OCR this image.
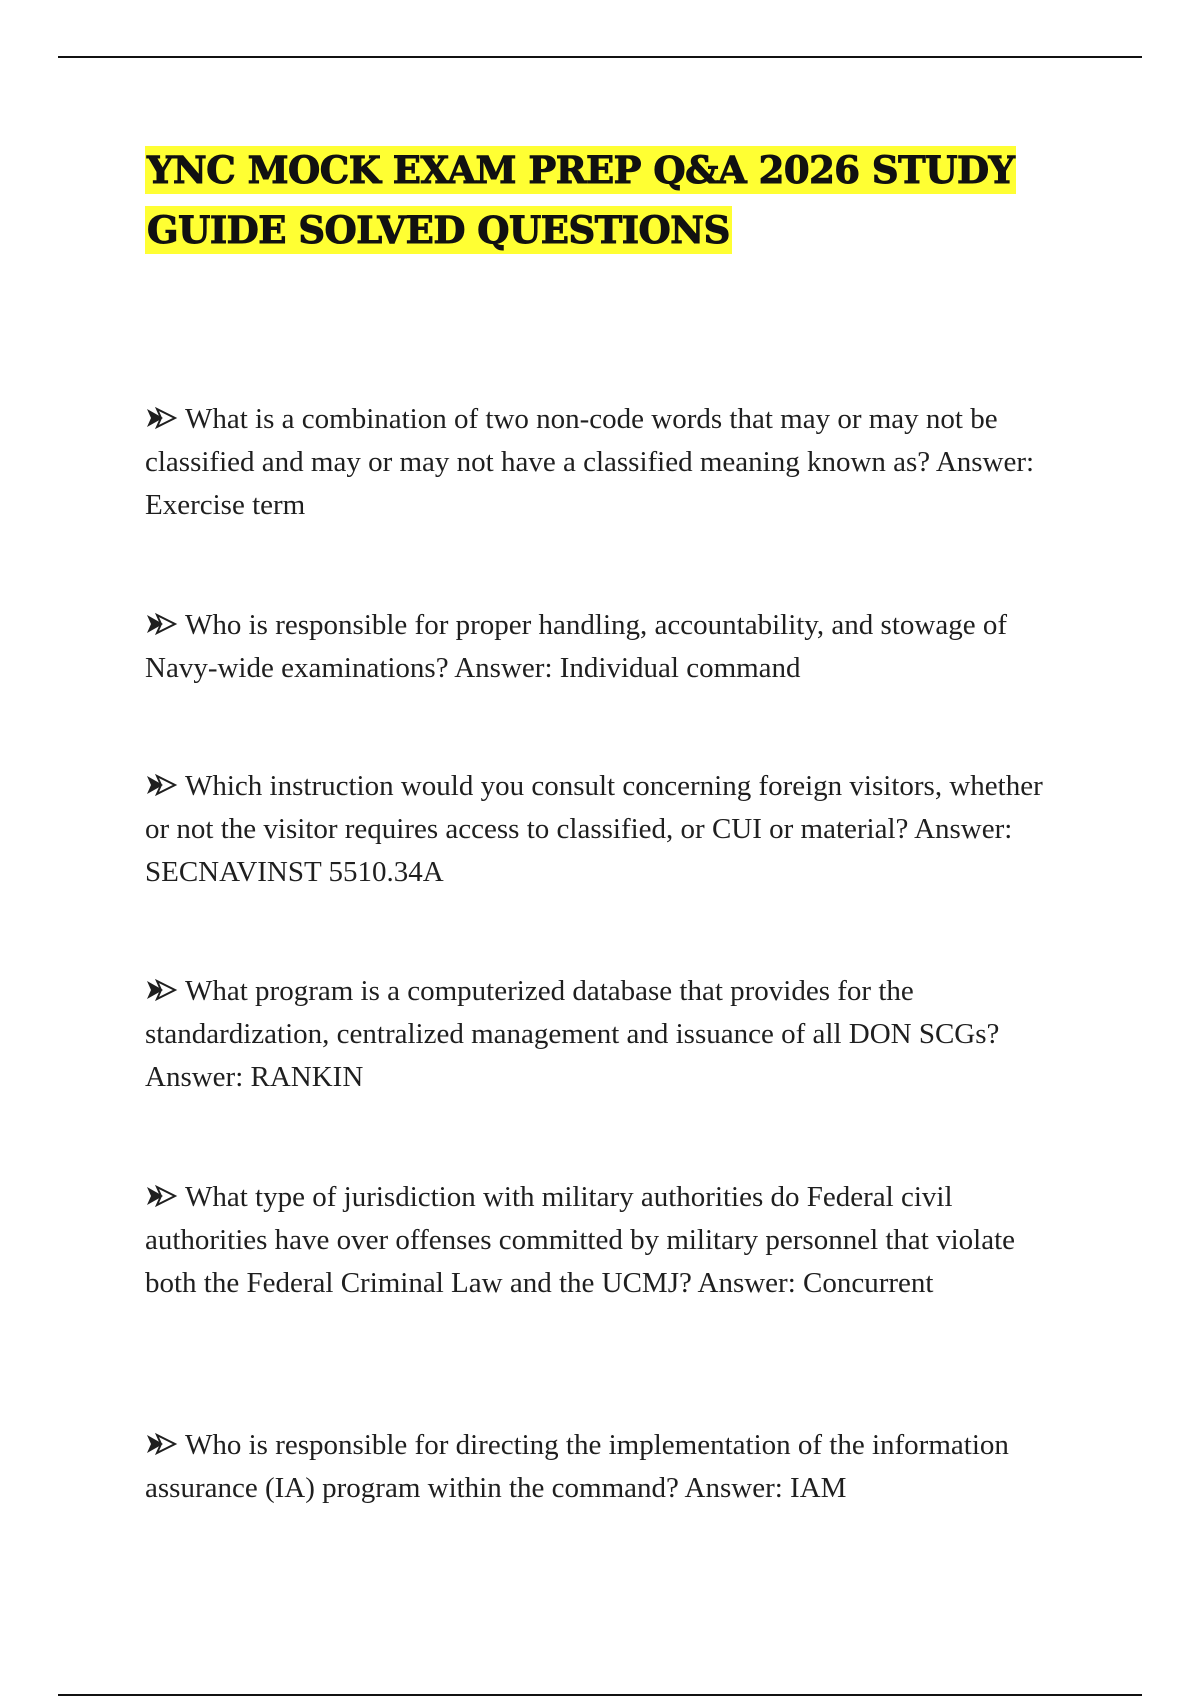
YNC MOCK EXAM PREP Q&A 2026 STUDY
GUIDE SOLVED QUESTIONS
What is a combination of two non-code words that may or may not be classified and may or may not have a classified meaning known as? Answer: Exercise term
Who is responsible for proper handling, accountability, and stowage of Navy-wide examinations? Answer: Individual command
Which instruction would you consult concerning foreign visitors, whether or not the visitor requires access to classified, or CUI or material? Answer: SECNAVINST 5510.34A
What program is a computerized database that provides for the standardization, centralized management and issuance of all DON SCGs? Answer: RANKIN
What type of jurisdiction with military authorities do Federal civil authorities have over offenses committed by military personnel that violate both the Federal Criminal Law and the UCMJ? Answer: Concurrent
Who is responsible for directing the implementation of the information assurance (IA) program within the command? Answer: IAM
